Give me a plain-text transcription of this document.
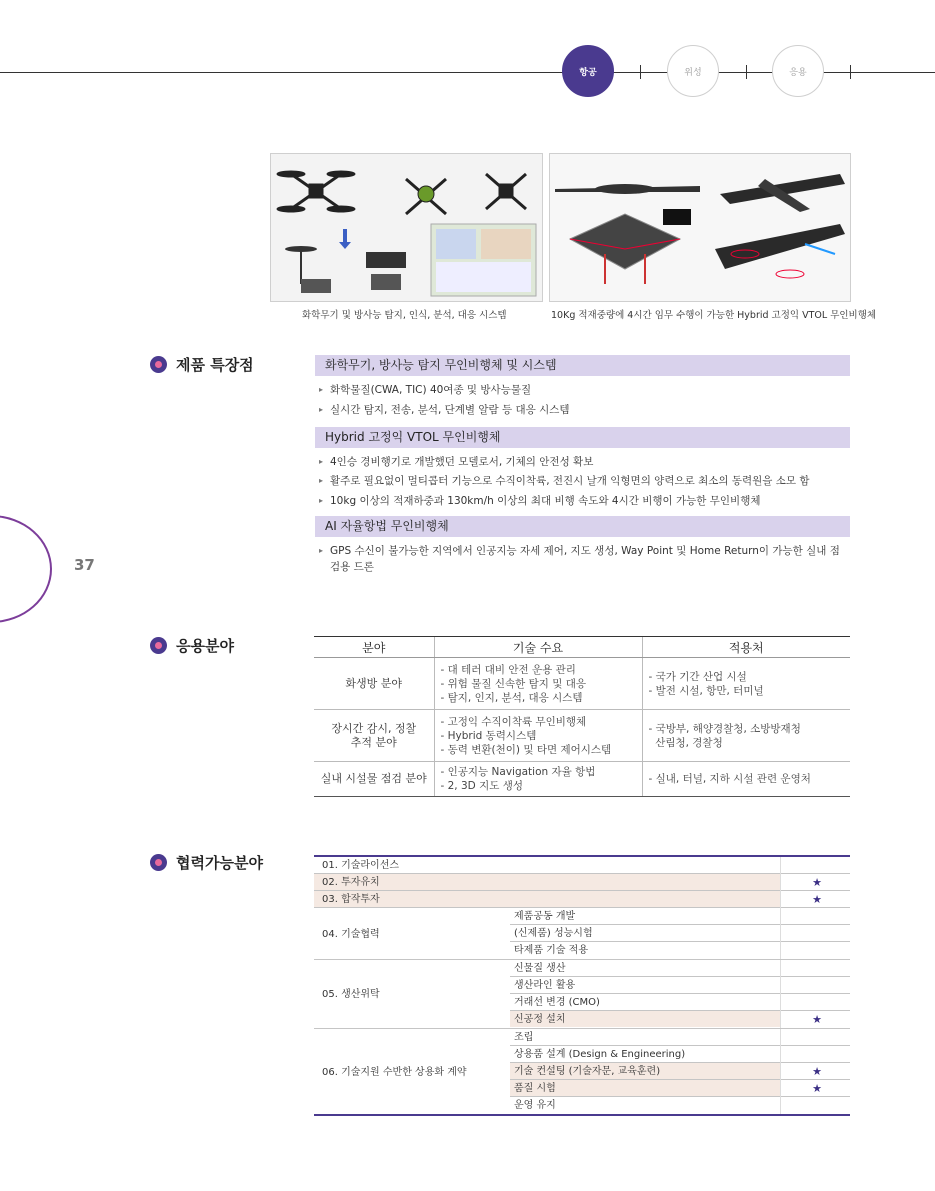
항공	위성	응용
37
화학무기 및 방사능 탐지, 인식, 분석, 대응 시스템	10Kg 적재중량에 4시간 임무 수행이 가능한 Hybrid 고정익 VTOL 무인비행체
제품 특장점	화학무기, 방사능 탐지 무인비행체 및 시스템
▸ 화학물질(CWA, TIC) 40여종 및 방사능물질
▸ 실시간 탐지, 전송, 분석, 단계별 알람 등 대응 시스템
Hybrid 고정익 VTOL 무인비행체
▸ 4인승 경비행기로 개발했던 모델로서, 기체의 안전성 확보
▸ 활주로 필요없이 멀티콥터 기능으로 수직이착륙, 전진시 날개 익형면의 양력으로 최소의 동력원을 소모 함
▸ 10kg 이상의 적재하중과 130km/h 이상의 최대 비행 속도와 4시간 비행이 가능한 무인비행체
AI 자율항법 무인비행체
▸ GPS 수신이 불가능한 지역에서 인공지능 자세 제어, 지도 생성, Way Point 및 Home Return이 가능한 실내 점검용 드론
응용분야	분야	기술 수요	적용처
화생방 분야	- 대 테러 대비 안전 운용 관리
- 위험 물질 신속한 탐지 및 대응
- 탐지, 인지, 분석, 대응 시스템	- 국가 기간 산업 시설
- 발전 시설, 항만, 터미널
장시간 감시, 정찰
추적 분야	- 고정익 수직이착륙 무인비행체
- Hybrid 동력시스템
- 동력 변환(천이) 및 타면 제어시스템	- 국방부, 해양경찰청, 소방방재청
산림청, 경찰청
실내 시설물 점검 분야	- 인공지능 Navigation 자율 항법
- 2, 3D 지도 생성	- 실내, 터널, 지하 시설 관련 운영처
협력가능분야	01. 기술라이선스
02. 투자유치	★
03. 합작투자	★
04. 기술협력
제품공동 개발
(신제품) 성능시험
타제품 기술 적용
05. 생산위탁
신물질 생산
생산라인 활용
거래선 변경 (CMO)
신공정 설치	★
06. 기술지원 수반한 상용화 계약
조립
상용품 설계 (Design & Engineering)
기술 컨설팅 (기술자문, 교육훈련)	★
품질 시험	★
운영 유지
